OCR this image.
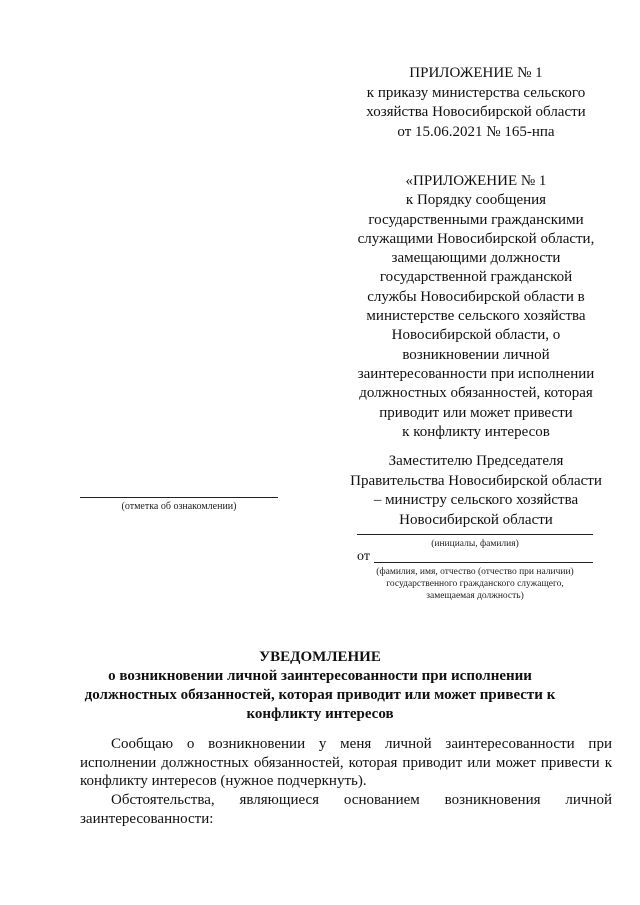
ПРИЛОЖЕНИЕ № 1
к приказу министерства сельского
хозяйства Новосибирской области
от 15.06.2021 № 165-нпа
«ПРИЛОЖЕНИЕ № 1
к Порядку сообщения
государственными гражданскими
служащими Новосибирской области,
замещающими должности
государственной гражданской
службы Новосибирской области в
министерстве сельского хозяйства
Новосибирской области, о
возникновении личной
заинтересованности при исполнении
должностных обязанностей, которая
приводит или может привести
к конфликту интересов
Заместителю Председателя
Правительства Новосибирской области
– министру сельского хозяйства
Новосибирской области
(отметка об ознакомлении)
(инициалы, фамилия)
от
(фамилия, имя, отчество (отчество при наличии)
государственного гражданского служащего,
замещаемая должность)
УВЕДОМЛЕНИЕ
о возникновении личной заинтересованности при исполнении
должностных обязанностей, которая приводит или может привести к
конфликту интересов
Сообщаю о возникновении у меня личной заинтересованности при
исполнении должностных обязанностей, которая приводит или может привести к
конфликту интересов (нужное подчеркнуть).
Обстоятельства, являющиеся основанием возникновения личной
заинтересованности:
